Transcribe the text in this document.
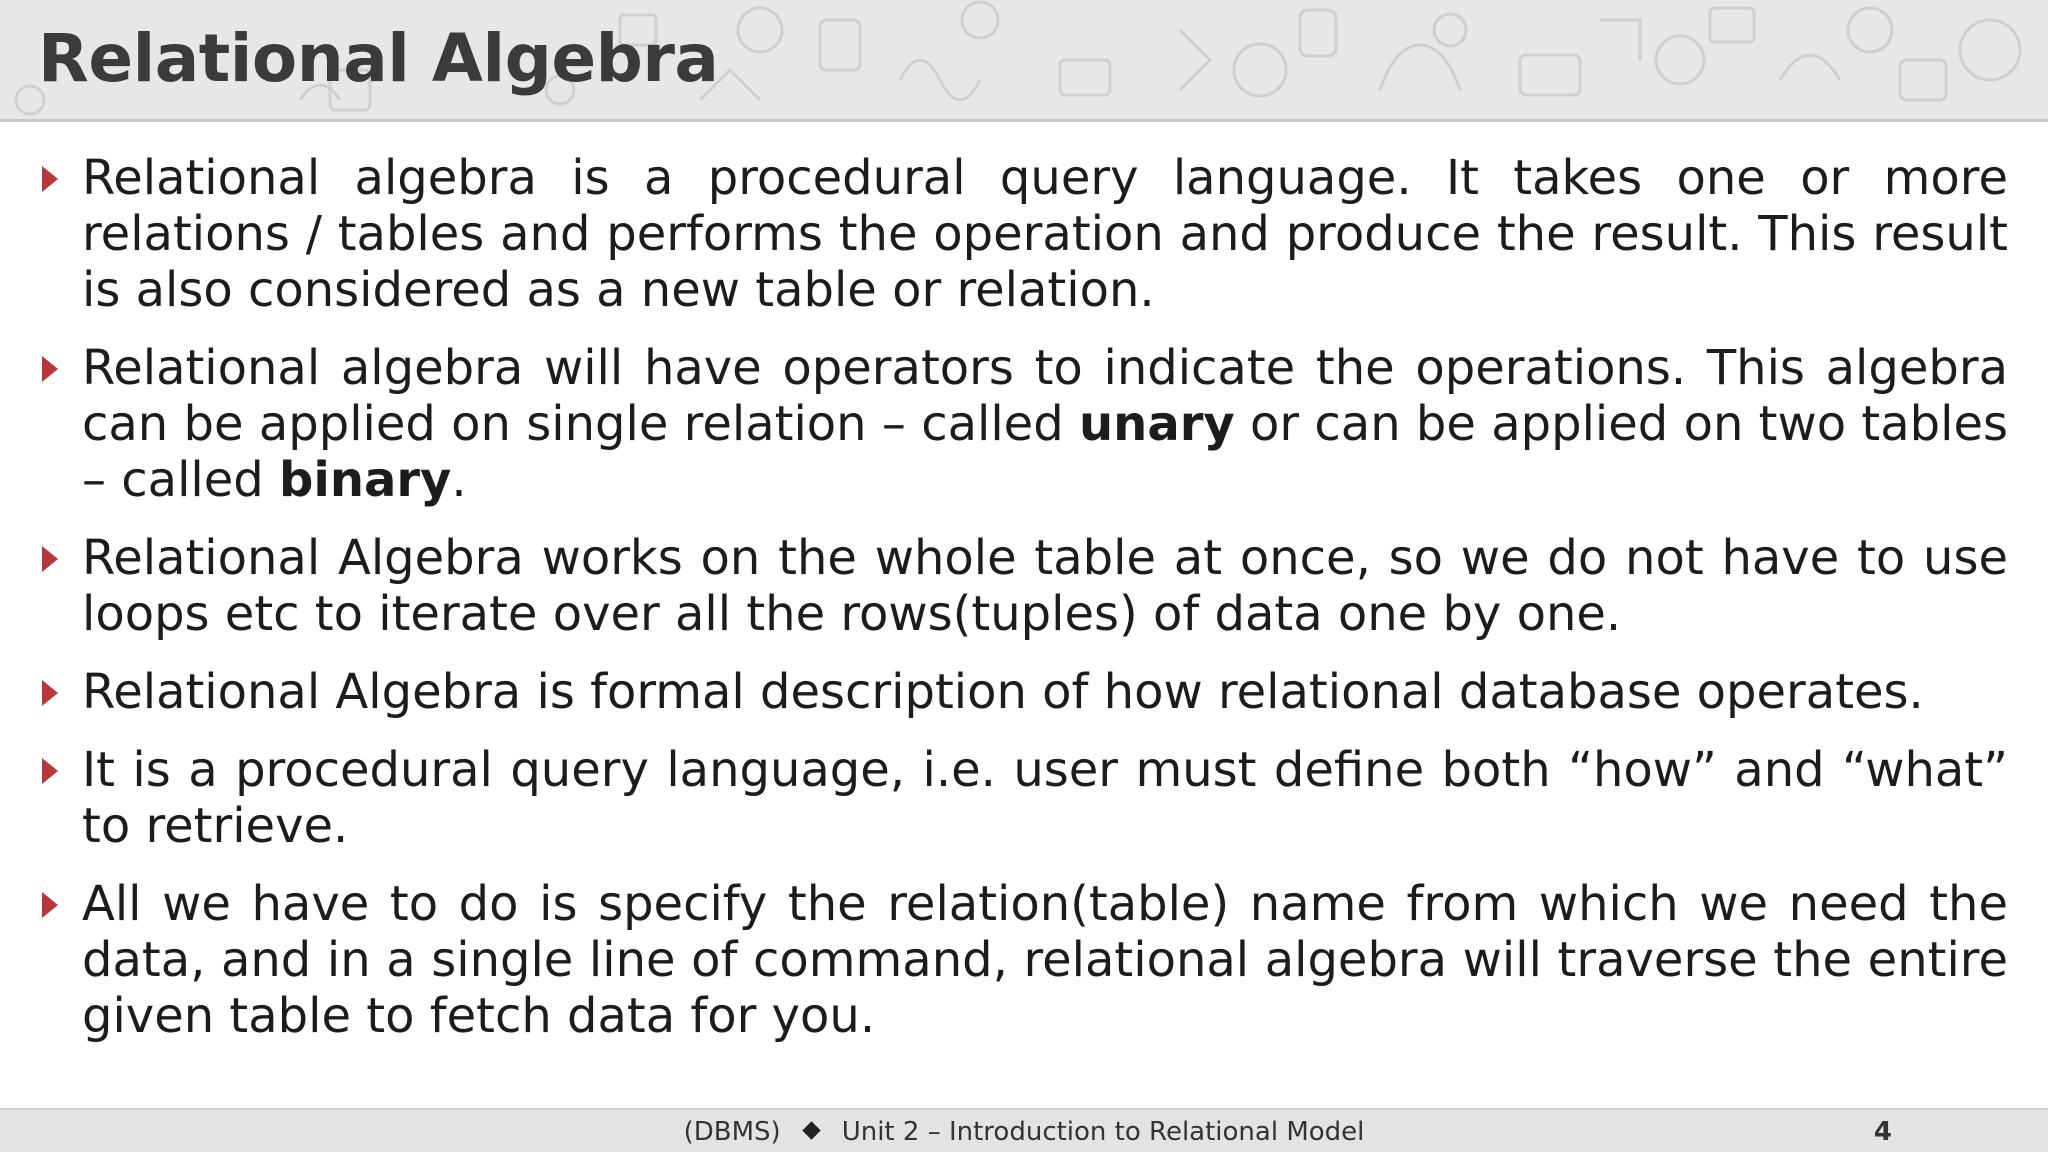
Relational Algebra

Relational algebra is a procedural query language. It takes one or more relations / tables and performs the operation and produce the result. This result is also considered as a new table or relation.

Relational algebra will have operators to indicate the operations. This algebra can be applied on single relation – called unary or can be applied on two tables – called binary.

Relational Algebra works on the whole table at once, so we do not have to use loops etc to iterate over all the rows(tuples) of data one by one.

Relational Algebra is formal description of how relational database operates.

It is a procedural query language, i.e. user must define both “how” and “what” to retrieve.

All we have to do is specify the relation(table) name from which we need the data, and in a single line of command, relational algebra will traverse the entire given table to fetch data for you.

(DBMS) Unit 2 – Introduction to Relational Model	4
